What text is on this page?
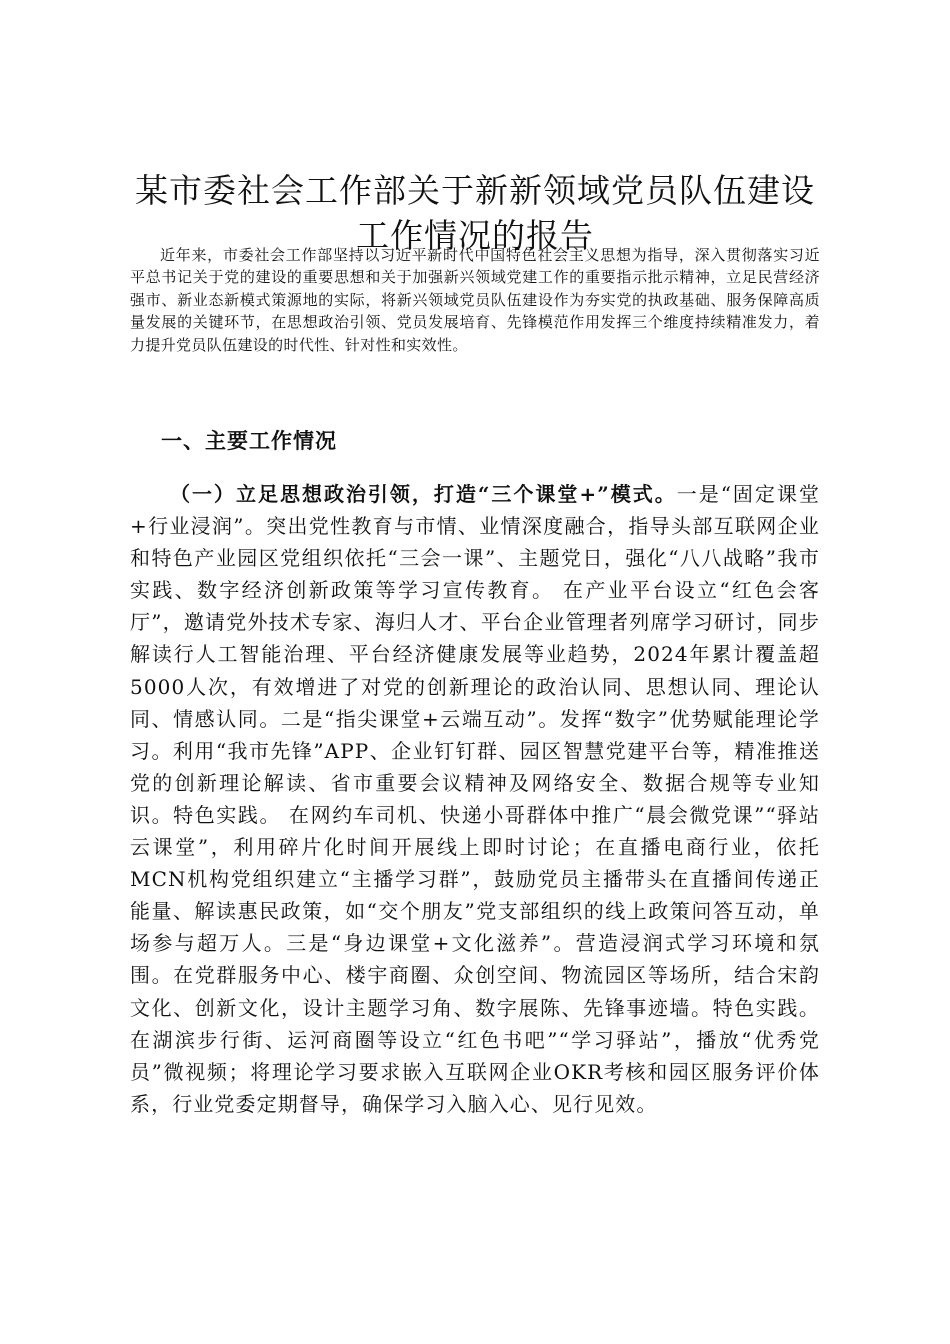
某市委社会工作部关于新新领域党员队伍建设
工作情况的报告

近年来，市委社会工作部坚持以习近平新时代中国特色社会主义思想为指导，深入贯彻落实习近平总书记关于党的建设的重要思想和关于加强新兴领域党建工作的重要指示批示精神，立足民营经济强市、新业态新模式策源地的实际，将新兴领域党员队伍建设作为夯实党的执政基础、服务保障高质量发展的关键环节，在思想政治引领、党员发展培育、先锋模范作用发挥三个维度持续精准发力，着力提升党员队伍建设的时代性、针对性和实效性。

一、主要工作情况

（一）立足思想政治引领，打造“三个课堂+”模式。一是“固定课堂+行业浸润”。突出党性教育与市情、业情深度融合，指导头部互联网企业和特色产业园区党组织依托“三会一课”、主题党日，强化“八八战略”我市实践、数字经济创新政策等学习宣传教育。 在产业平台设立“红色会客厅”，邀请党外技术专家、海归人才、平台企业管理者列席学习研讨，同步解读行人工智能治理、平台经济健康发展等业趋势，2024年累计覆盖超5000人次，有效增进了对党的创新理论的政治认同、思想认同、理论认同、情感认同。二是“指尖课堂+云端互动”。发挥“数字”优势赋能理论学习。利用“我市先锋”APP、企业钉钉群、园区智慧党建平台等，精准推送党的创新理论解读、省市重要会议精神及网络安全、数据合规等专业知识。特色实践。 在网约车司机、快递小哥群体中推广“晨会微党课”“驿站云课堂”，利用碎片化时间开展线上即时讨论；在直播电商行业，依托MCN机构党组织建立“主播学习群”，鼓励党员主播带头在直播间传递正能量、解读惠民政策，如“交个朋友”党支部组织的线上政策问答互动，单场参与超万人。三是“身边课堂+文化滋养”。营造浸润式学习环境和氛围。在党群服务中心、楼宇商圈、众创空间、物流园区等场所，结合宋韵文化、创新文化，设计主题学习角、数字展陈、先锋事迹墙。特色实践。 在湖滨步行街、运河商圈等设立“红色书吧”“学习驿站”，播放“优秀党员”微视频；将理论学习要求嵌入互联网企业OKR考核和园区服务评价体系，行业党委定期督导，确保学习入脑入心、见行见效。
